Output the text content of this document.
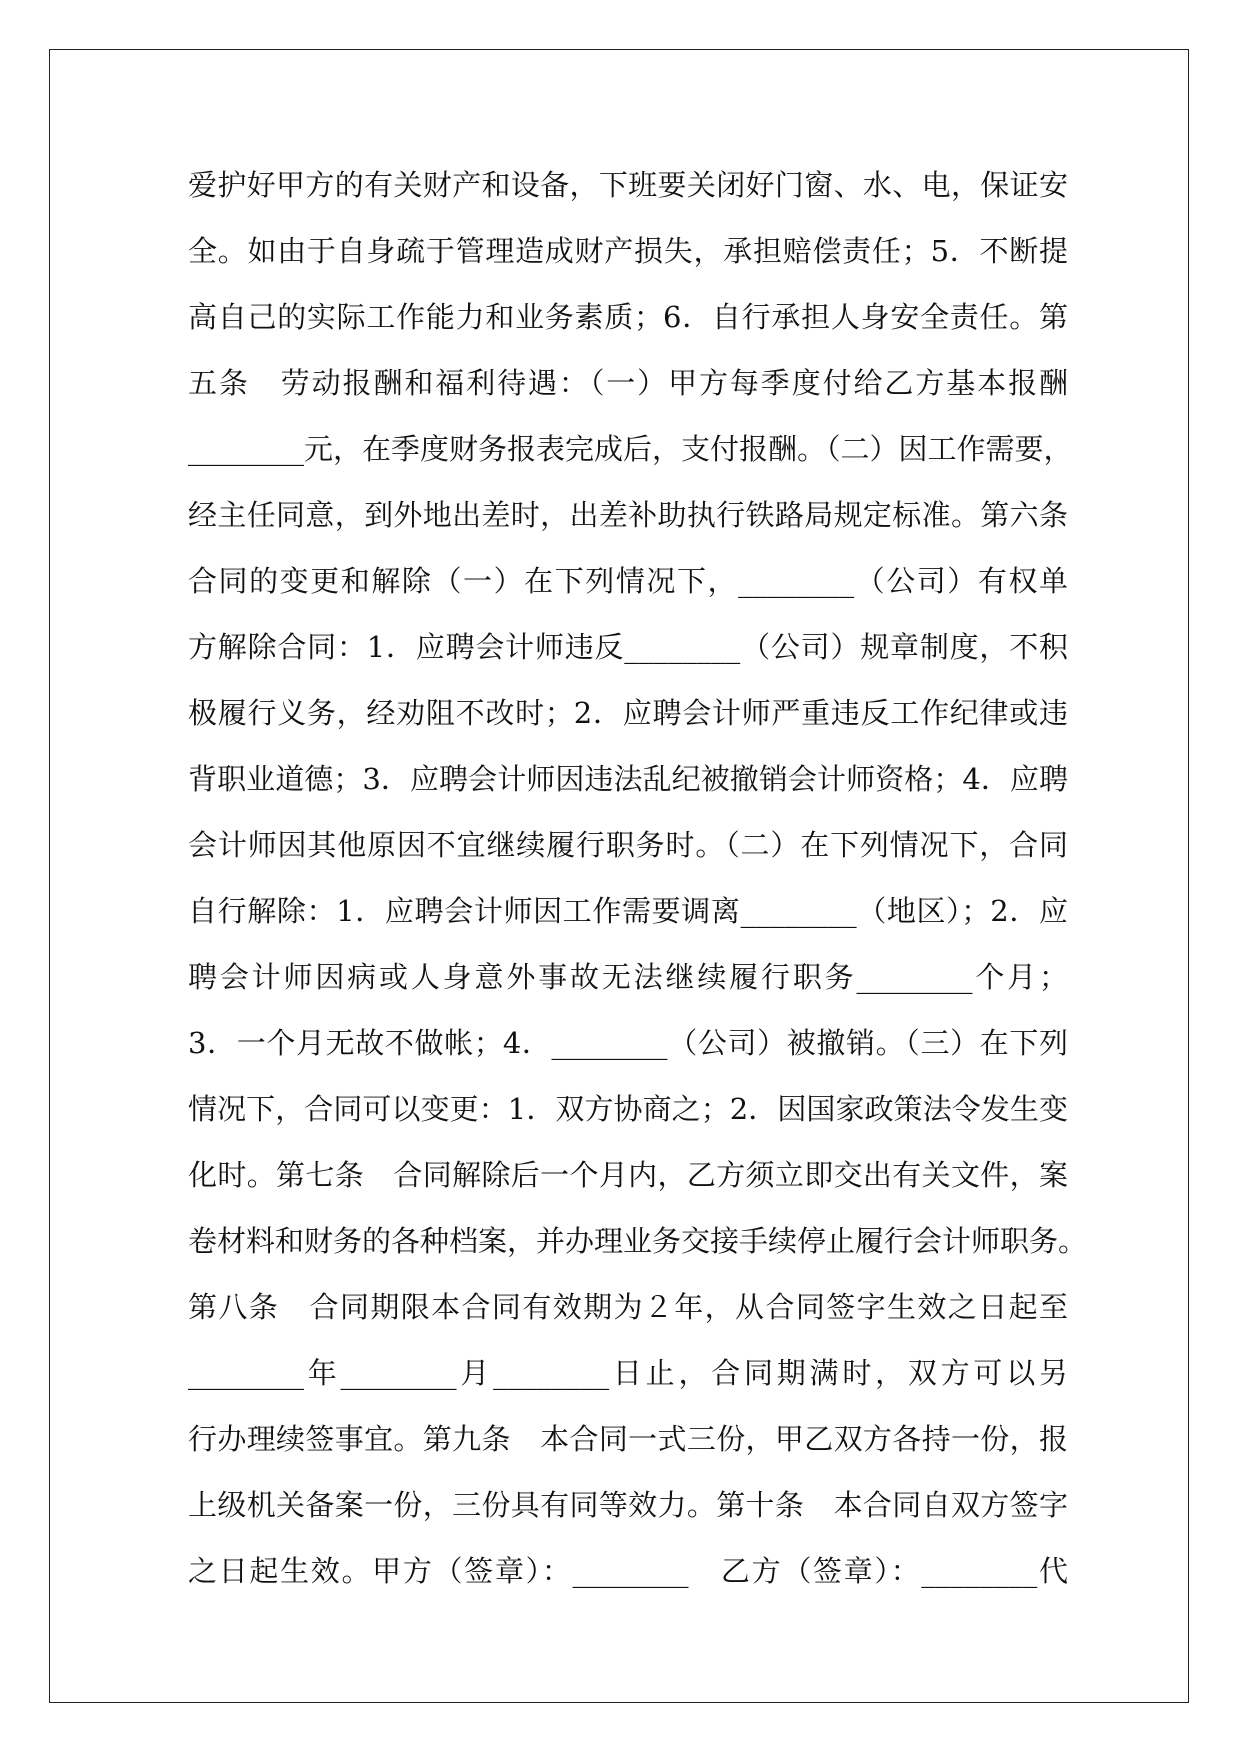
爱护好甲方的有关财产和设备，下班要关闭好门窗、水、电，保证安
全。如由于自身疏于管理造成财产损失，承担赔偿责任；5．不断提
高自己的实际工作能力和业务素质；6．自行承担人身安全责任。第
五条　劳动报酬和福利待遇：（一）甲方每季度付给乙方基本报酬
________元，在季度财务报表完成后，支付报酬。（二）因工作需要，
经主任同意，到外地出差时，出差补助执行铁路局规定标准。第六条
合同的变更和解除（一）在下列情况下，________（公司）有权单
方解除合同：1．应聘会计师违反________（公司）规章制度，不积
极履行义务，经劝阻不改时；2．应聘会计师严重违反工作纪律或违
背职业道德；3．应聘会计师因违法乱纪被撤销会计师资格；4．应聘
会计师因其他原因不宜继续履行职务时。（二）在下列情况下，合同
自行解除：1．应聘会计师因工作需要调离________（地区）；2．应
聘会计师因病或人身意外事故无法继续履行职务________个月；
3．一个月无故不做帐；4．________（公司）被撤销。（三）在下列
情况下，合同可以变更：1．双方协商之；2．因国家政策法令发生变
化时。第七条　合同解除后一个月内，乙方须立即交出有关文件，案
卷材料和财务的各种档案，并办理业务交接手续停止履行会计师职务。
第八条　合同期限本合同有效期为２年，从合同签字生效之日起至
________年________月________日止，合同期满时，双方可以另
行办理续签事宜。第九条　本合同一式三份，甲乙双方各持一份，报
上级机关备案一份，三份具有同等效力。第十条　本合同自双方签字
之日起生效。甲方（签章）：________　乙方（签章）：________代
